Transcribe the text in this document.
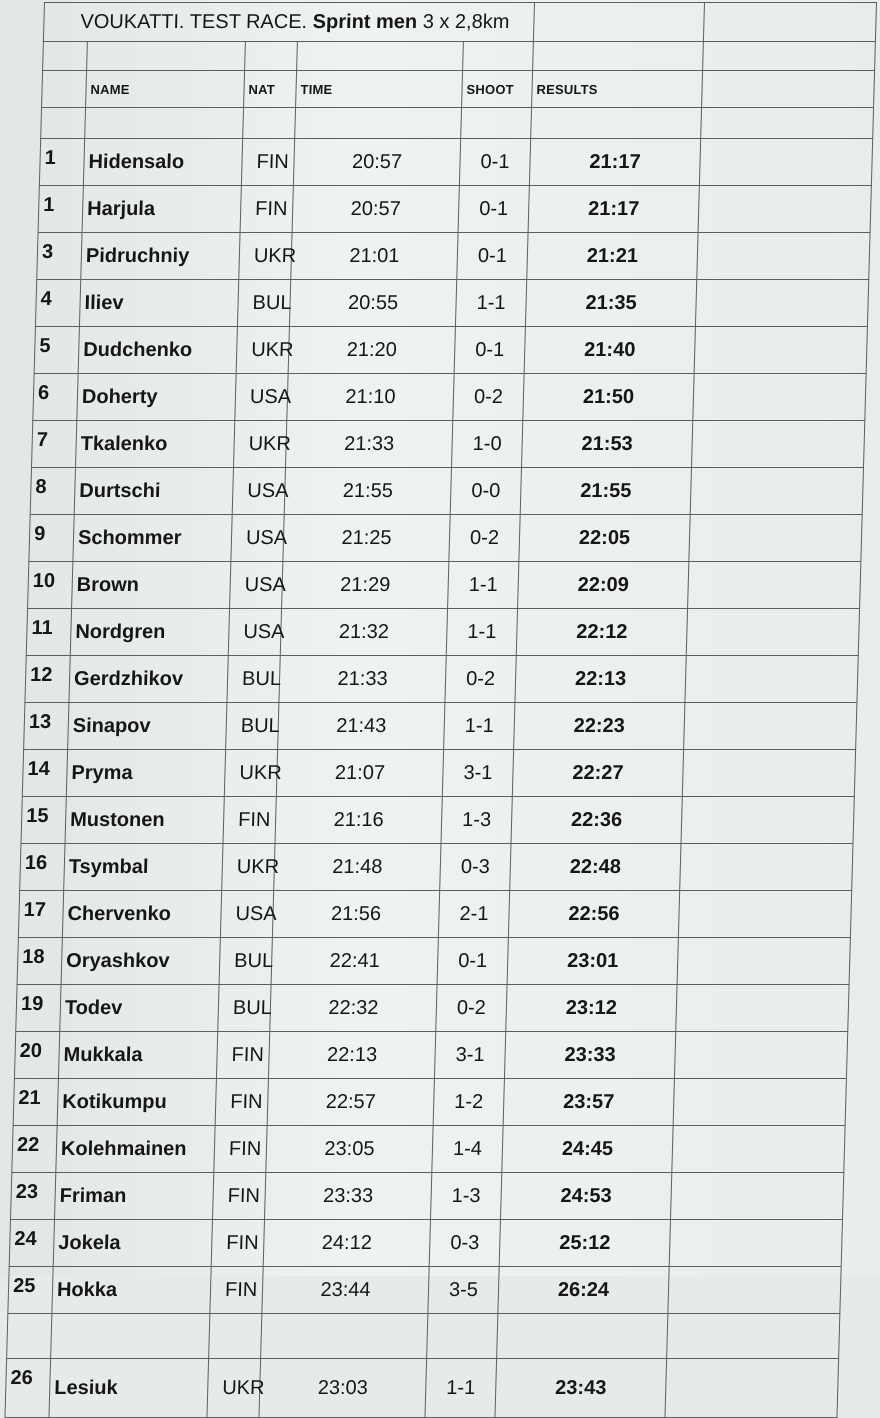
VOUKATTI. TEST RACE. Sprint men 3 x 2,8km						

	NAME	NAT	TIME	SHOOT	RESULTS	

1	Hidensalo	FIN	20:57	0-1	21:17	
1	Harjula	FIN	20:57	0-1	21:17	
3	Pidruchniy	UKR	21:01	0-1	21:21	
4	Iliev	BUL	20:55	1-1	21:35	
5	Dudchenko	UKR	21:20	0-1	21:40	
6	Doherty	USA	21:10	0-2	21:50	
7	Tkalenko	UKR	21:33	1-0	21:53	
8	Durtschi	USA	21:55	0-0	21:55	
9	Schommer	USA	21:25	0-2	22:05	
10	Brown	USA	21:29	1-1	22:09	
11	Nordgren	USA	21:32	1-1	22:12	
12	Gerdzhikov	BUL	21:33	0-2	22:13	
13	Sinapov	BUL	21:43	1-1	22:23	
14	Pryma	UKR	21:07	3-1	22:27	
15	Mustonen	FIN	21:16	1-3	22:36	
16	Tsymbal	UKR	21:48	0-3	22:48	
17	Chervenko	USA	21:56	2-1	22:56	
18	Oryashkov	BUL	22:41	0-1	23:01	
19	Todev	BUL	22:32	0-2	23:12	
20	Mukkala	FIN	22:13	3-1	23:33	
21	Kotikumpu	FIN	22:57	1-2	23:57	
22	Kolehmainen	FIN	23:05	1-4	24:45	
23	Friman	FIN	23:33	1-3	24:53	
24	Jokela	FIN	24:12	0-3	25:12	
25	Hokka	FIN	23:44	3-5	26:24	

26	Lesiuk	UKR	23:03	1-1	23:43	
